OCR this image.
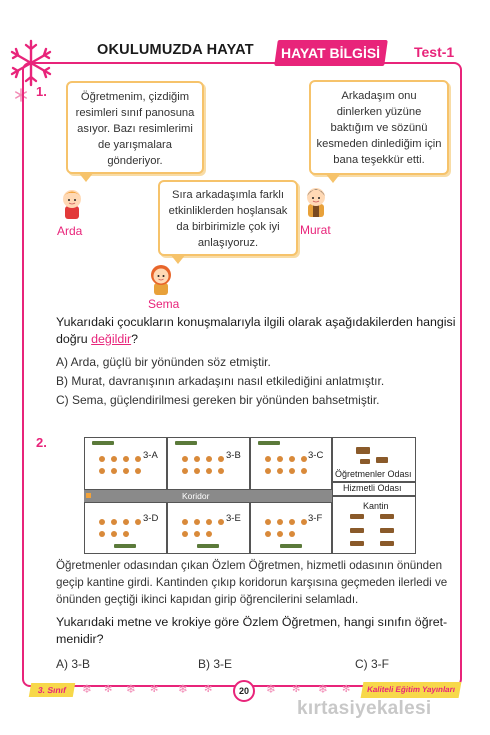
OKULUMUZDA HAYAT	HAYAT BİLGİSİ	Test-1
1.	Öğretmenim, çizdiğim
resimleri sınıf panosuna
asıyor. Bazı resimlerimi
de yarışmalara
gönderiyor.
Arkadaşım onu
dinlerken yüzüne
baktığım ve sözünü
kesmeden dinlediğim için
bana teşekkür etti.
Sıra arkadaşımla farklı
etkinliklerden hoşlansak
da birbirimizle çok iyi
anlaşıyoruz.
Arda	Murat
Sema
Yukarıdaki çocukların konuşmalarıyla ilgili olarak aşağıdakilerden hangisi
doğru değildir?
A) Arda, güçlü bir yönünden söz etmiştir.
B) Murat, davranışının arkadaşını nasıl etkilediğini anlatmıştır.
C) Sema, güçlendirilmesi gereken bir yönünden bahsetmiştir.
2.
3-A	3-B	3-C
Öğretmenler Odası
Hizmetli Odası
Koridor
3-D	3-E	3-F
Kantin
Öğretmenler odasından çıkan Özlem Öğretmen, hizmetli odasının önünden
geçip kantine girdi. Kantinden çıkıp koridorun karşısına geçmeden ilerledi ve
önünden geçtiği ikinci kapıdan girip öğrencilerini selamladı.
Yukarıdaki metne ve krokiye göre Özlem Öğretmen, hangi sınıfın öğret-
menidir?
A) 3-B	B) 3-E	C) 3-F
3. Sınıf	❄ ✻ ❄ ✻ ❄ ✻	20	❄ ✻ ❄ ✻	Kaliteli Eğitim Yayınları
kırtasiyekalesi
